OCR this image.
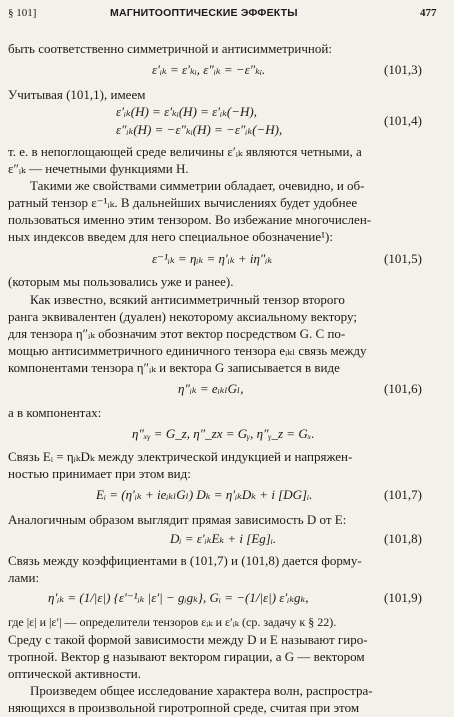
§ 101]	МАГНИТООПТИЧЕСКИЕ ЭФФЕКТЫ	477
быть соответственно симметричной и антисимметричной:
ε′ᵢₖ = ε′ₖᵢ, ε″ᵢₖ = −ε″ₖᵢ.	(101,3)
Учитывая (101,1), имеем
ε′ᵢₖ(H) = ε′ₖᵢ(H) = ε′ᵢₖ(−H),
(101,4)
ε″ᵢₖ(H) = −ε″ₖᵢ(H) = −ε″ᵢₖ(−H),
т. е. в непоглощающей среде величины ε′ᵢₖ являются четными, а
ε″ᵢₖ — нечетными функциями H.
Такими же свойствами симметрии обладает, очевидно, и об-
ратный тензор ε⁻¹ᵢₖ. В дальнейших вычислениях будет удобнее
пользоваться именно этим тензором. Во избежание многочислен-
ных индексов введем для него специальное обозначение¹):
ε⁻¹ᵢₖ = ηᵢₖ = η′ᵢₖ + iη″ᵢₖ	(101,5)
(которым мы пользовались уже и ранее).
Как известно, всякий антисимметричный тензор второго
ранга эквивалентен (дуален) некоторому аксиальному вектору;
для тензора η″ᵢₖ обозначим этот вектор посредством G. С по-
мощью антисимметричного единичного тензора eᵢₖₗ связь между
компонентами тензора η″ᵢₖ и вектора G записывается в виде
η″ᵢₖ = eᵢₖₗGₗ,	(101,6)
а в компонентах:
η″ₓᵧ = G_z, η″_zx = Gᵧ, η″ᵧ_z = Gₓ.
Связь Eᵢ = ηᵢₖDₖ между электрической индукцией и напряжен-
ностью принимает при этом вид:
Eᵢ = (η′ᵢₖ + ieᵢₖₗGₗ) Dₖ = η′ᵢₖDₖ + i [DG]ᵢ.	(101,7)
Аналогичным образом выглядит прямая зависимость D от E:
Dᵢ = ε′ᵢₖEₖ + i [Eg]ᵢ.	(101,8)
Связь между коэффициентами в (101,7) и (101,8) дается форму-
лами:
η′ᵢₖ = (1/|ε|) {ε′⁻¹ᵢₖ |ε′| − gᵢgₖ}, Gᵢ = −(1/|ε|) ε′ᵢₖgₖ,	(101,9)
где |ε| и |ε′| — определители тензоров εᵢₖ и ε′ᵢₖ (ср. задачу к § 22).
Среду с такой формой зависимости между D и E называют гиро-
тропной. Вектор g называют вектором гирации, а G — вектором
оптической активности.
Произведем общее исследование характера волн, распростра-
няющихся в произвольной гиротропной среде, считая при этом
